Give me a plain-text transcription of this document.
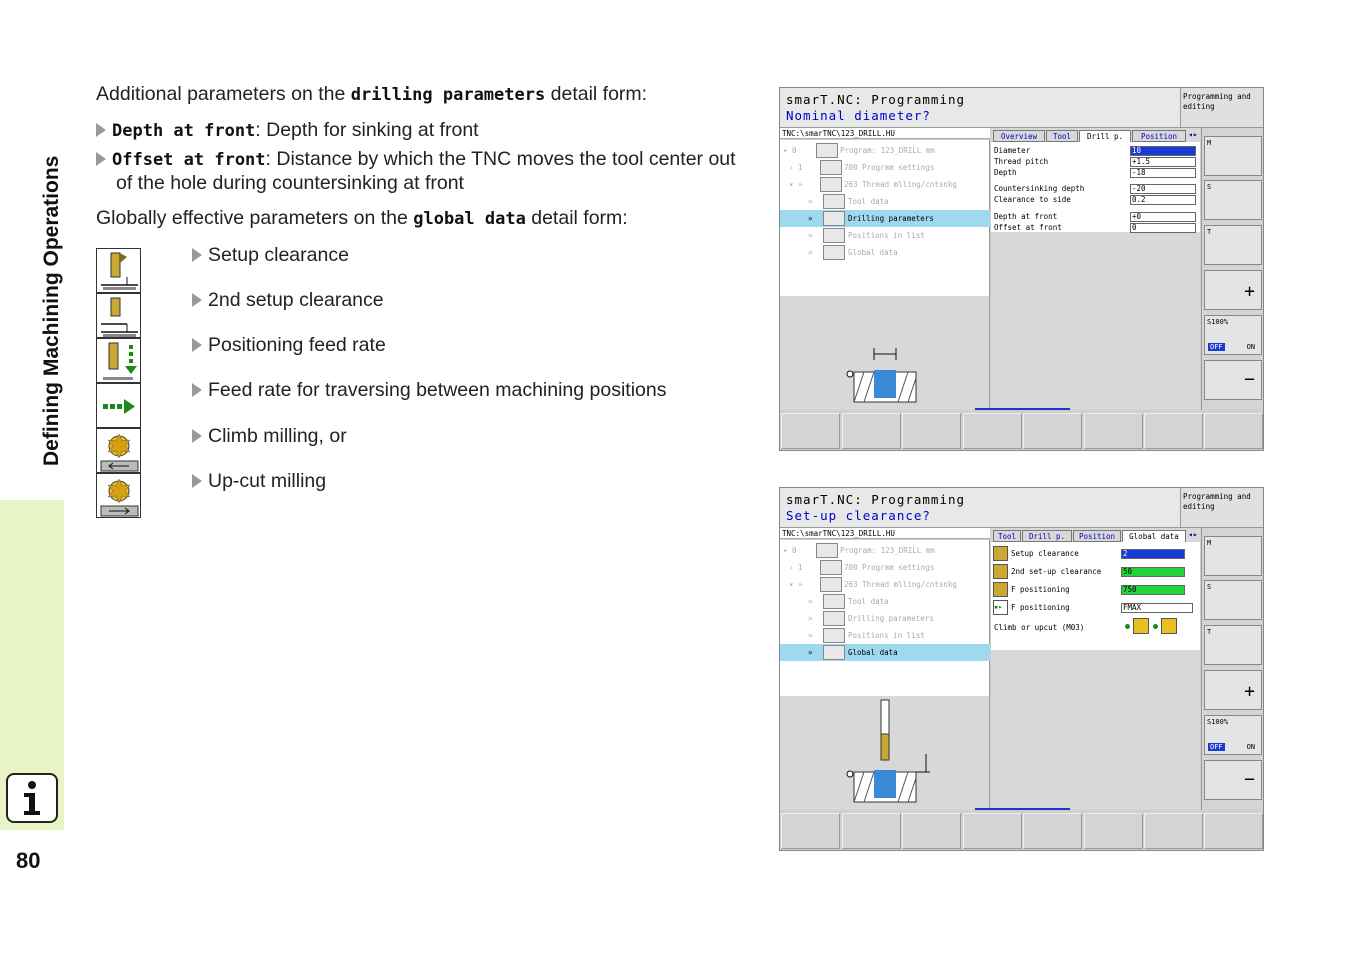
Defining Machining Operations
80
Additional parameters on the drilling parameters detail form:
Depth at front: Depth for sinking at front
Offset at front: Distance by which the TNC moves the tool center out of the hole during countersinking at front
Globally effective parameters on the global data detail form:
Setup clearance
2nd setup clearance
Positioning feed rate
Feed rate for traversing between machining positions
Climb milling, or
Up-cut milling
smarT.NC: Programming
Nominal diameter?
Programming and editing
TNC:\smarTNC\123_DRILL.HU
▾ 0	Program: 123_DRILL mm
› 1	700 Program settings
▾ »	263 Thread mlling/cntsnkg
»	Tool data
»	Drilling parameters
»	Positions in list
»	Global data
Overview	Tool	Drill p.	Position	◂▸
Diameter	10
Thread pitch	+1.5
Depth	-18
Countersinking depth	-20
Clearance to side	0.2
Depth at front	+0
Offset at front	0
M
S
T
+
S100%
OFF	ON
−
smarT.NC: Programming
Set-up clearance?
Programming and editing
TNC:\smarTNC\123_DRILL.HU
▾ 0	Program: 123_DRILL mm
› 1	700 Program settings
▾ »	263 Thread mlling/cntsnkg
»	Tool data
»	Drilling parameters
»	Positions in list
»	Global data
Tool	Drill p.	Position	Global data	◂▸
Setup clearance	2
2nd set-up clearance	50
F positioning	750
▪▸	F positioning	FMAX
Climb or upcut (M03)
M
S
T
+
S100%
OFF	ON
−
